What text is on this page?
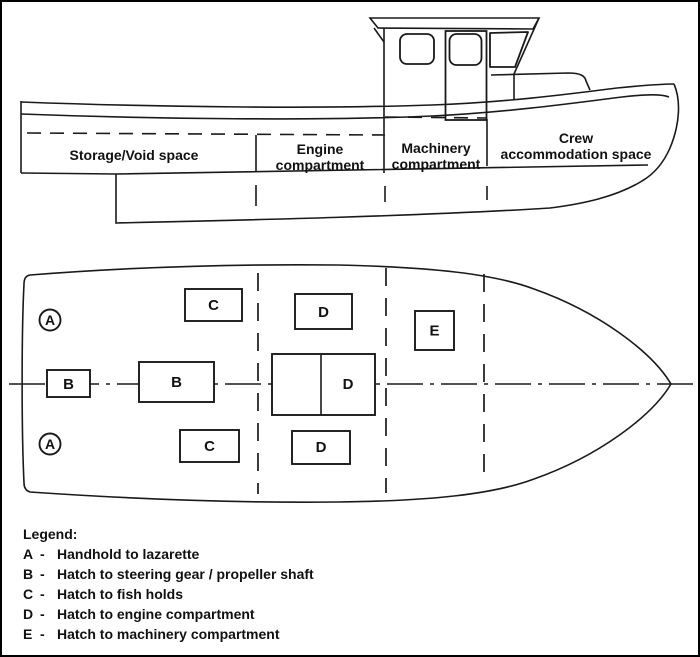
Storage/Void space	Engine
compartment
Machinery
compartment
Crew
accommodation space
A
A
B	B
C
C
D
D
D
E
Legend:
A - Handhold to lazarette
B - Hatch to steering gear / propeller shaft
C - Hatch to fish holds
D - Hatch to engine compartment
E - Hatch to machinery compartment
